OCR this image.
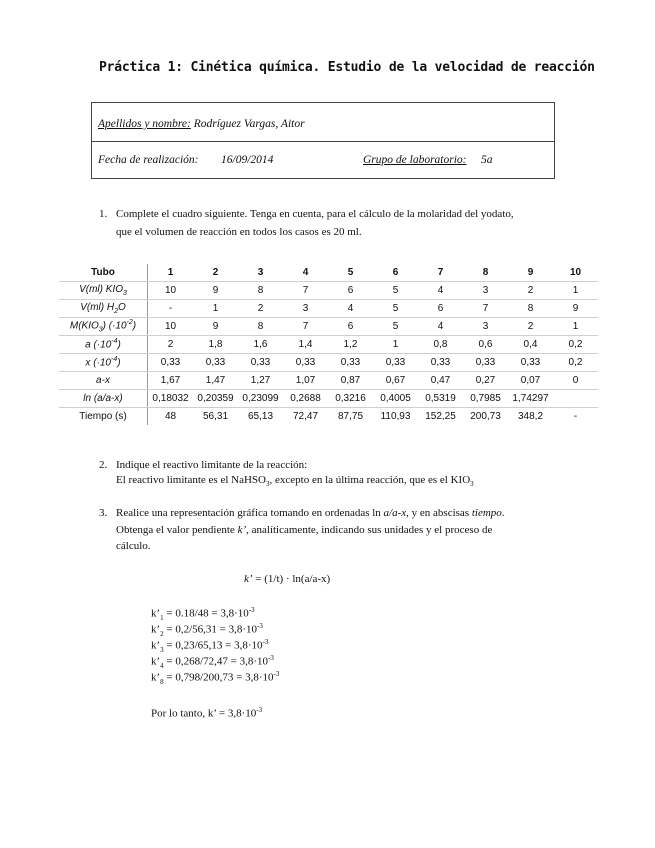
Práctica 1: Cinética química. Estudio de la velocidad de reacción
Apellidos y nombre: Rodríguez Vargas, Aitor
Fecha de realización: 16/09/2014	Grupo de laboratorio: 5a
1. Complete el cuadro siguiente. Tenga en cuenta, para el cálculo de la molaridad del yodato,
que el volumen de reacción en todos los casos es 20 ml.
Tubo	1	2	3	4	5	6	7	8	9	10
V(ml) $KIO_3$	10	9	8	7	6	5	4	3	2	1
V(ml) $H_2O$	-	1	2	3	4	5	6	7	8	9
$M(KIO_3)$ $(\cdot 10^{-2})$	10	9	8	7	6	5	4	3	2	1
a $(\cdot 10^{-4})$	2	1,8	1,6	1,4	1,2	1	0,8	0,6	0,4	0,2
x $(\cdot 10^{-4})$	0,33	0,33	0,33	0,33	0,33	0,33	0,33	0,33	0,33	0,2
a-x	1,67	1,47	1,27	1,07	0,87	0,67	0,47	0,27	0,07	0
ln (a/a-x)	0,18032	0,20359	0,23099	0,2688	0,3216	0,4005	0,5319	0,7985	1,74297	
Tiempo (s)	48	56,31	65,13	72,47	87,75	110,93	152,25	200,73	348,2	-
2. Indique el reactivo limitante de la reacción:
El reactivo limitante es el NaHSO$_3$, excepto en la última reacción, que es el $KIO_3$
3. Realice una representación gráfica tomando en ordenadas ln a/a-x, y en abscisas tiempo.
Obtenga el valor pendiente k’, analíticamente, indicando sus unidades y el proceso de
cálculo.
k’ = (1/t) · ln(a/a-x)
$k’_1 = 0.18/48 = 3,8\cdot 10^{-3}$
$k’_2 = 0,2/56,31 = 3,8\cdot 10^{-3}$
$k’_3 = 0,23/65,13 = 3,8\cdot 10^{-3}$
$k’_4 = 0,268/72,47 = 3,8\cdot 10^{-3}$
$k’_8 = 0,798/200,73 = 3,8\cdot 10^{-3}$
Por lo tanto, k’ = $3,8\cdot 10^{-3}$
